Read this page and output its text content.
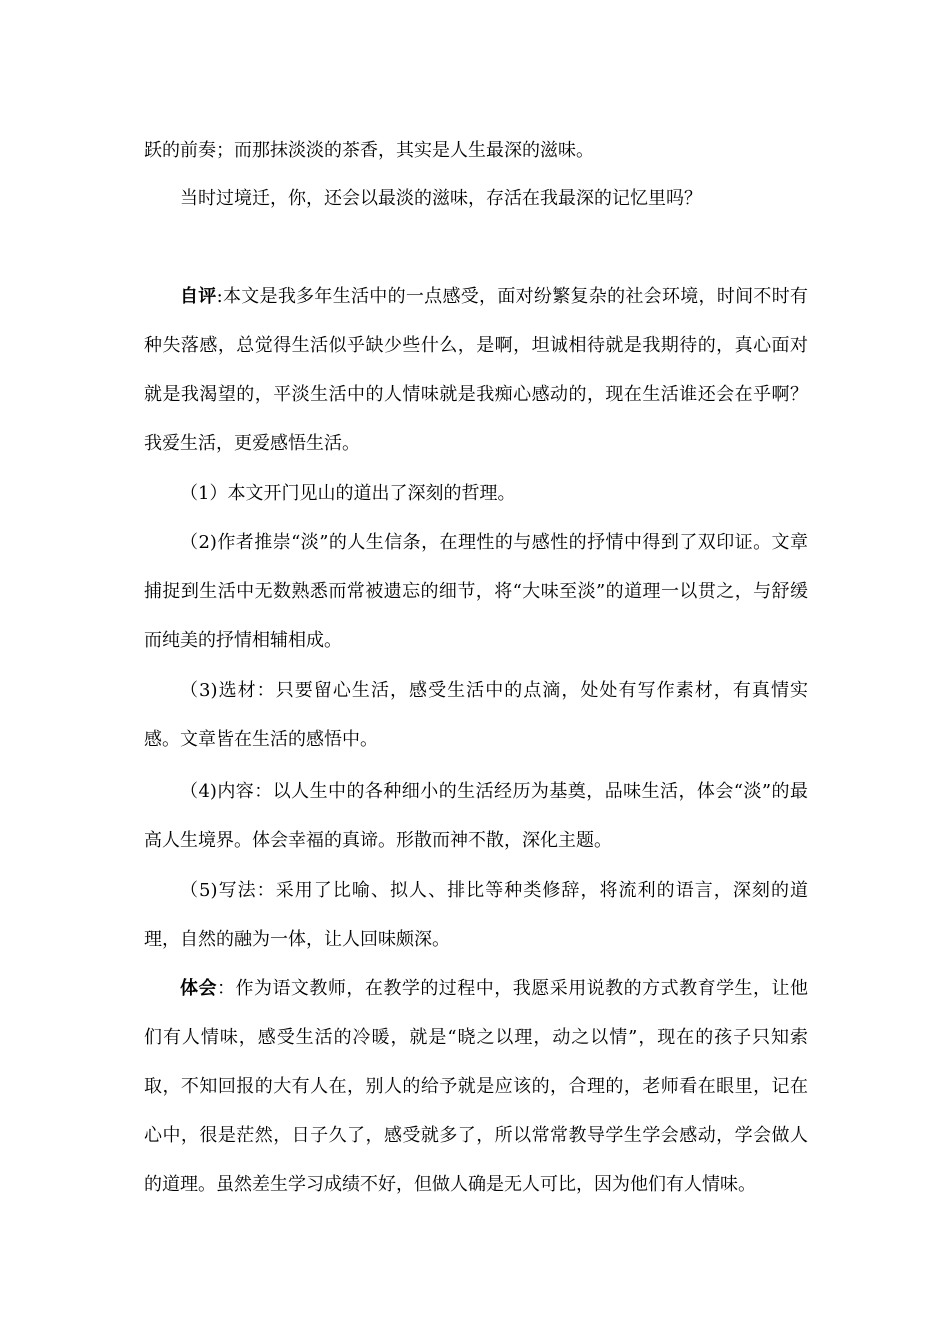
跃的前奏；而那抹淡淡的茶香，其实是人生最深的滋味。

当时过境迁，你，还会以最淡的滋味，存活在我最深的记忆里吗？

自评:本文是我多年生活中的一点感受，面对纷繁复杂的社会环境，时间不时有种失落感，总觉得生活似乎缺少些什么，是啊，坦诚相待就是我期待的，真心面对就是我渴望的，平淡生活中的人情味就是我痴心感动的，现在生活谁还会在乎啊？我爱生活，更爱感悟生活。

（1）本文开门见山的道出了深刻的哲理。

（2)作者推崇“淡”的人生信条，在理性的与感性的抒情中得到了双印证。文章捕捉到生活中无数熟悉而常被遗忘的细节，将“大味至淡”的道理一以贯之，与舒缓而纯美的抒情相辅相成。

（3)选材：只要留心生活，感受生活中的点滴，处处有写作素材，有真情实感。文章皆在生活的感悟中。

（4)内容：以人生中的各种细小的生活经历为基奠，品味生活，体会“淡”的最高人生境界。体会幸福的真谛。形散而神不散，深化主题。

（5)写法：采用了比喻、拟人、排比等种类修辞，将流利的语言，深刻的道理，自然的融为一体，让人回味颇深。

体会：作为语文教师，在教学的过程中，我愿采用说教的方式教育学生，让他们有人情味，感受生活的冷暖，就是“晓之以理，动之以情”，现在的孩子只知索取，不知回报的大有人在，别人的给予就是应该的，合理的，老师看在眼里，记在心中，很是茫然，日子久了，感受就多了，所以常常教导学生学会感动，学会做人的道理。虽然差生学习成绩不好，但做人确是无人可比，因为他们有人情味。
